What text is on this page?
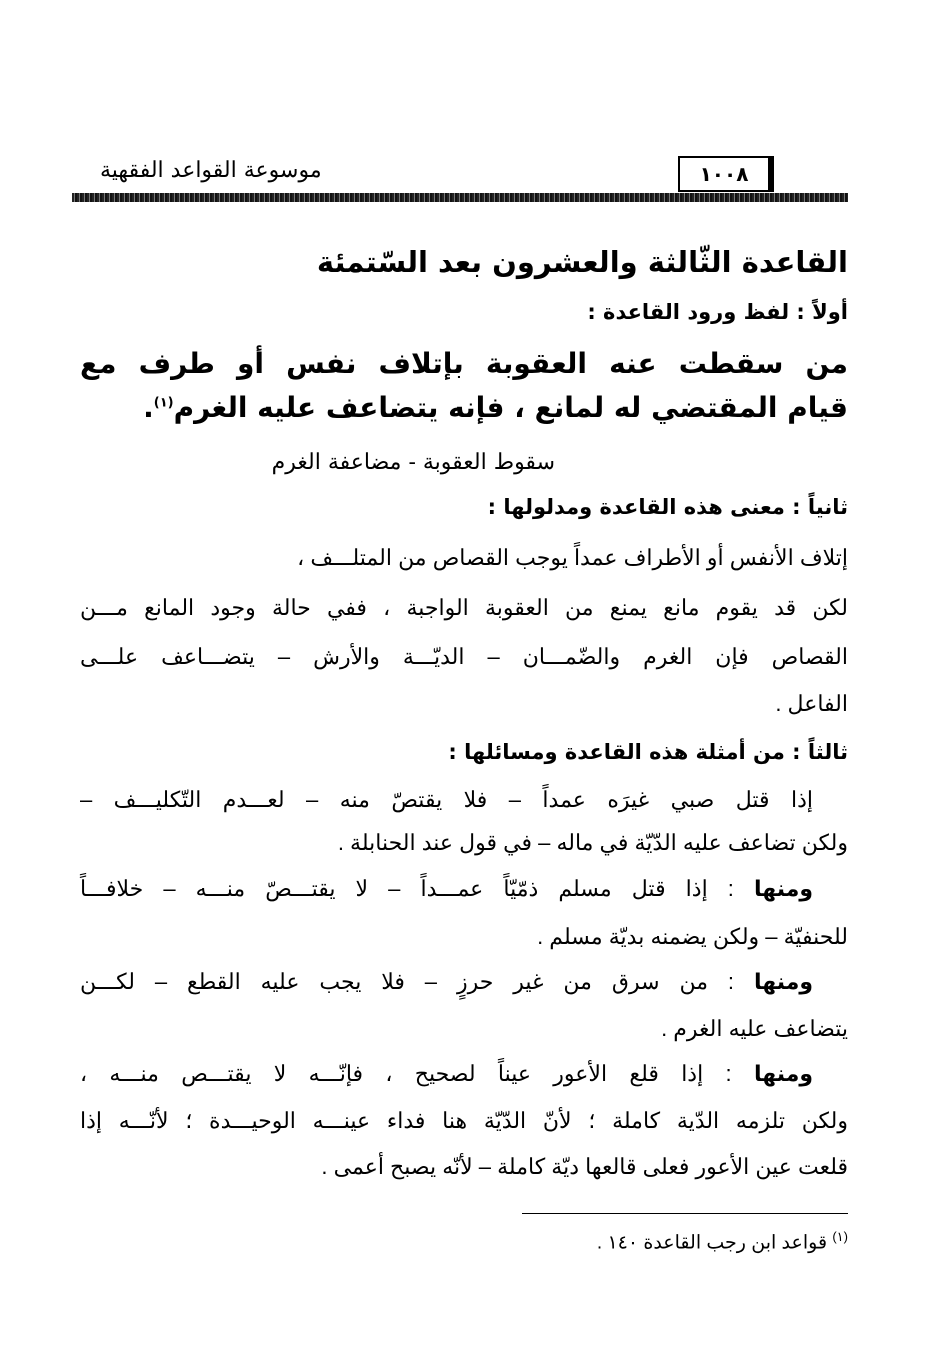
موسوعة القواعد الفقهية	١٠٠٨
القاعدة الثّالثة والعشرون بعد السّتمئة
أولاً : لفظ ورود القاعدة :
من سقطت عنه العقوبة بإتلاف نفس أو طرف مع
قيام المقتضي له لمانع ، فإنه يتضاعف عليه الغرم$^{(١)}$.
سقوط العقوبة - مضاعفة الغرم
ثانياً : معنى هذه القاعدة ومدلولها :
إتلاف الأنفس أو الأطراف عمداً يوجب القصاص من المتلـــف ،
لكن قد يقوم مانع يمنع من العقوبة الواجبة ، ففي حالة وجود المانع مـــن
القصاص فإن الغرم والضّمـــان – الديّـــة والأرش – يتضـــاعف علـــى
الفاعل .
ثالثاً : من أمثلة هذه القاعدة ومسائلها :
إذا قتل صبي غيرَه عمداً – فلا يقتصّ منه – لعـــدم التّكليـــف –
ولكن تضاعف عليه الدّيّة في ماله – في قول عند الحنابلة .
ومنها : إذا قتل مسلم ذمّيّاً عمـــداً – لا يقتـــصّ منـــه – خلافـــاً
للحنفيّة – ولكن يضمنه بديّة مسلم .
ومنها : من سرق من غير حرزٍ – فلا يجب عليه القطع – لكـــن
يتضاعف عليه الغرم .
ومنها : إذا قلع الأعور عيناً لصحيح ، فإنّـــه لا يقتـــص منـــه ،
ولكن تلزمه الدّية كاملة ؛ لأنّ الدّيّة هنا فداء عينـــه الوحيـــدة ؛ لأنّـــه إذا
قلعت عين الأعور فعلى قالعها ديّة كاملة – لأنّه يصبح أعمى .
$^{(١)}$ قواعد ابن رجب القاعدة ١٤٠ .
